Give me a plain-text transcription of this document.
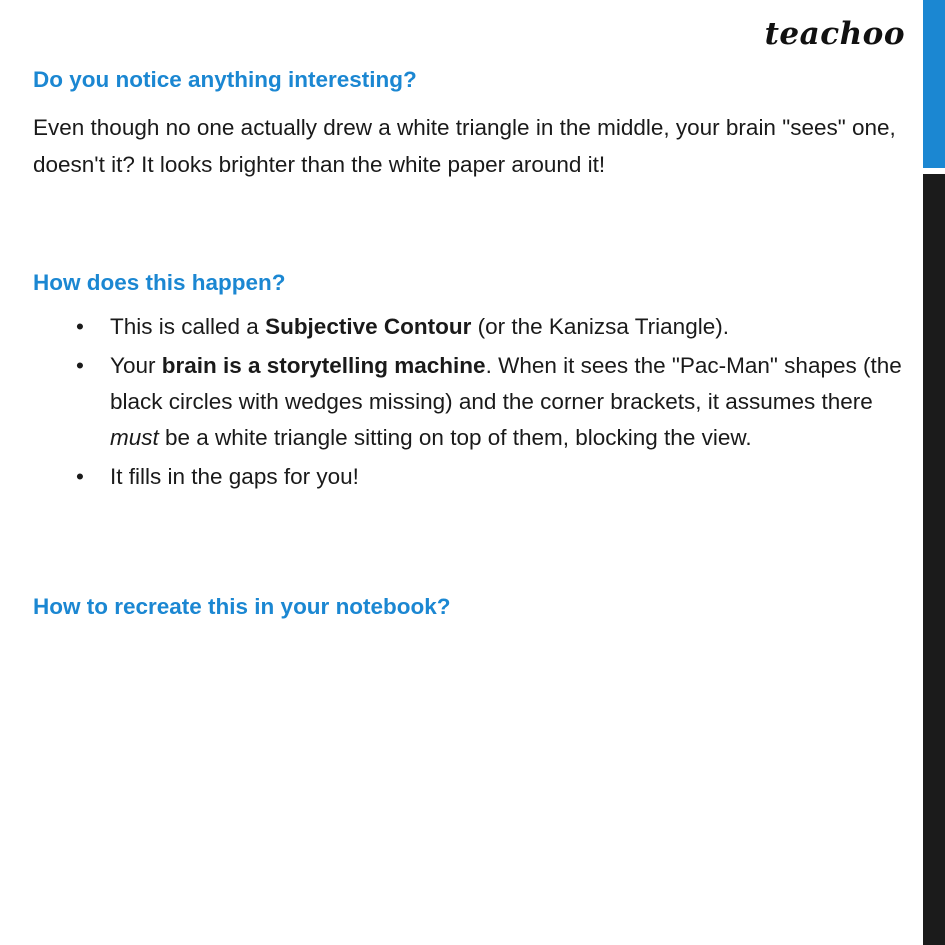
teachoo
Do you notice anything interesting?

Even though no one actually drew a white triangle in the middle, your brain "sees" one, doesn't it? It looks brighter than the white paper around it!

How does this happen?
• This is called a Subjective Contour (or the Kanizsa Triangle).
• Your brain is a storytelling machine. When it sees the "Pac-Man" shapes (the black circles with wedges missing) and the corner brackets, it assumes there must be a white triangle sitting on top of them, blocking the view.
• It fills in the gaps for you!
How to recreate this in your notebook?
